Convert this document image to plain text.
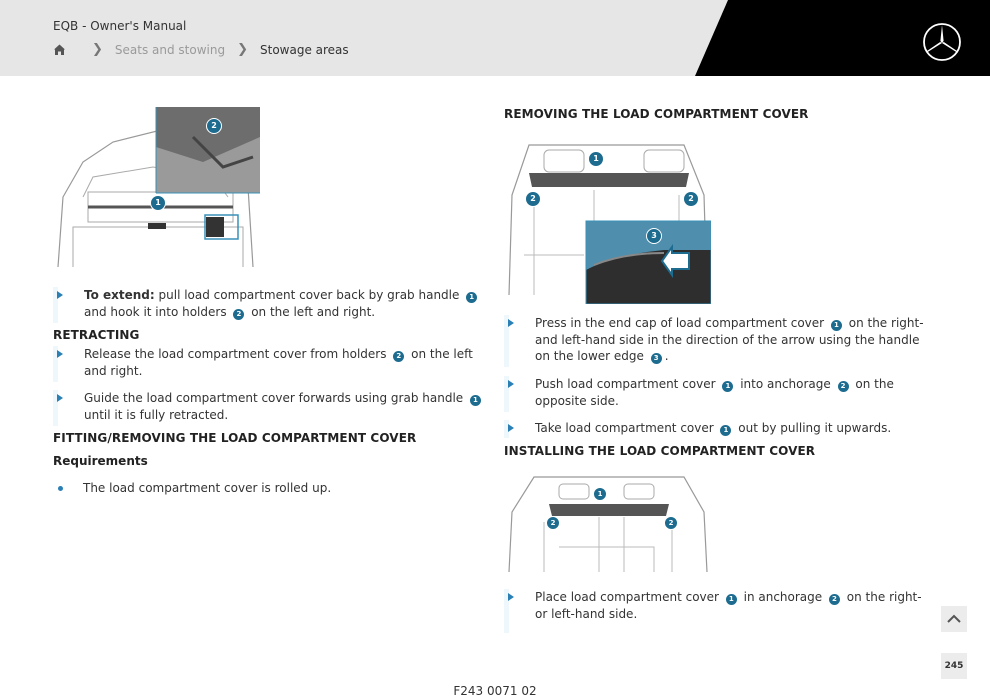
EQB - Owner's Manual
❯ Seats and stowing ❯ Stowage areas
2
1
To extend: pull load compartment cover back by grab handle 1 and hook it into holders 2 on the left and right.
RETRACTING
Release the load compartment cover from holders 2 on the left and right.
Guide the load compartment cover forwards using grab handle 1 until it is fully retracted.
FITTING/REMOVING THE LOAD COMPARTMENT COVER
Requirements
The load compartment cover is rolled up.
REMOVING THE LOAD COMPARTMENT COVER
1
2	2
3
Press in the end cap of load compartment cover 1 on the right- and left-hand side in the direction of the arrow using the handle on the lower edge 3 .
Push load compartment cover 1 into anchorage 2 on the opposite side.
Take load compartment cover 1 out by pulling it upwards.
INSTALLING THE LOAD COMPARTMENT COVER
1
2	2
Place load compartment cover 1 in anchorage 2 on the right- or left-hand side.
245
F243 0071 02
